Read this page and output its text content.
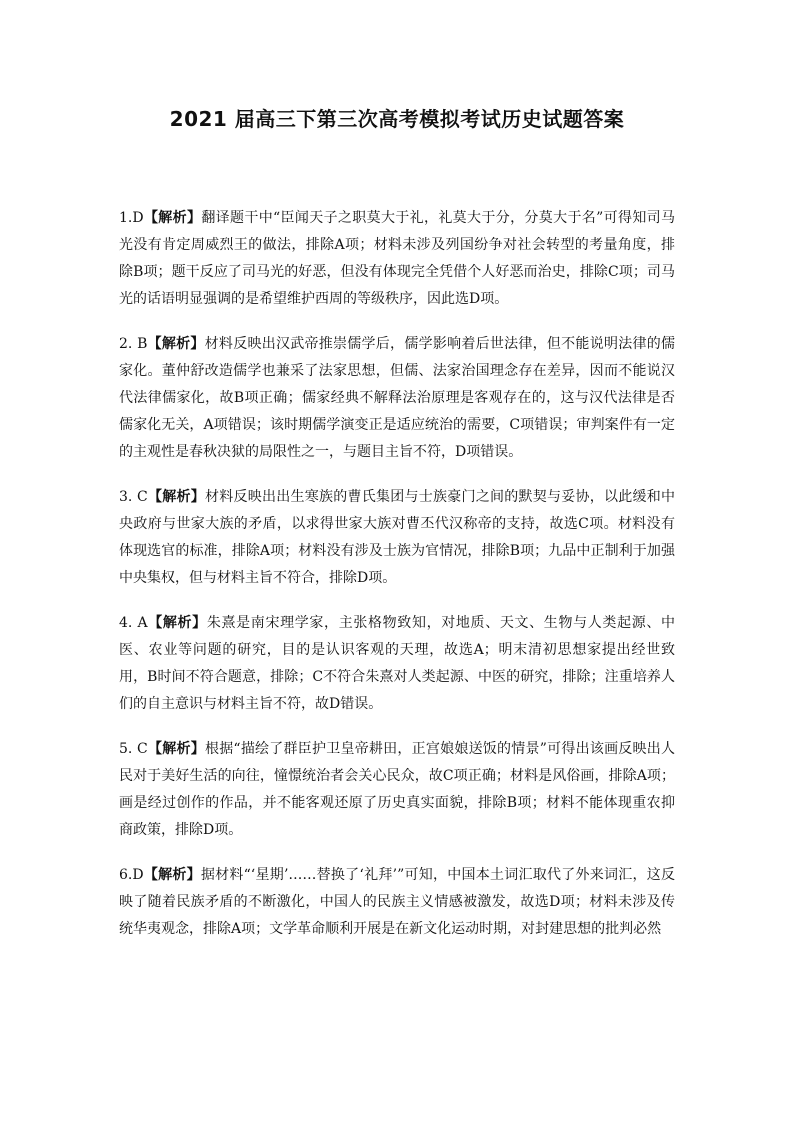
2021 届高三下第三次高考模拟考试历史试题答案

1.D【解析】翻译题干中“臣闻天子之职莫大于礼，礼莫大于分，分莫大于名”可得知司马光没有肯定周威烈王的做法，排除A项；材料未涉及列国纷争对社会转型的考量角度，排除B项；题干反应了司马光的好恶，但没有体现完全凭借个人好恶而治史，排除C项；司马光的话语明显强调的是希望维护西周的等级秩序，因此选D项。

2. B【解析】材料反映出汉武帝推崇儒学后，儒学影响着后世法律，但不能说明法律的儒家化。董仲舒改造儒学也兼采了法家思想，但儒、法家治国理念存在差异，因而不能说汉代法律儒家化，故B项正确；儒家经典不解释法治原理是客观存在的，这与汉代法律是否儒家化无关，A项错误；该时期儒学演变正是适应统治的需要，C项错误；审判案件有一定的主观性是春秋决狱的局限性之一，与题目主旨不符，D项错误。

3. C【解析】材料反映出出生寒族的曹氏集团与士族豪门之间的默契与妥协，以此缓和中央政府与世家大族的矛盾，以求得世家大族对曹丕代汉称帝的支持，故选C项。材料没有体现选官的标准，排除A项；材料没有涉及士族为官情况，排除B项；九品中正制利于加强中央集权，但与材料主旨不符合，排除D项。

4. A【解析】朱熹是南宋理学家，主张格物致知，对地质、天文、生物与人类起源、中医、农业等问题的研究，目的是认识客观的天理，故选A；明末清初思想家提出经世致用，B时间不符合题意，排除；C不符合朱熹对人类起源、中医的研究，排除；注重培养人们的自主意识与材料主旨不符，故D错误。

5. C【解析】根据“描绘了群臣护卫皇帝耕田，正宫娘娘送饭的情景”可得出该画反映出人民对于美好生活的向往，憧憬统治者会关心民众，故C项正确；材料是风俗画，排除A项；画是经过创作的作品，并不能客观还原了历史真实面貌，排除B项；材料不能体现重农抑商政策，排除D项。

6.D【解析】据材料“‘星期’……替换了‘礼拜’”可知，中国本土词汇取代了外来词汇，这反映了随着民族矛盾的不断激化，中国人的民族主义情感被激发，故选D项；材料未涉及传统华夷观念，排除A项；文学革命顺利开展是在新文化运动时期，对封建思想的批判必然
